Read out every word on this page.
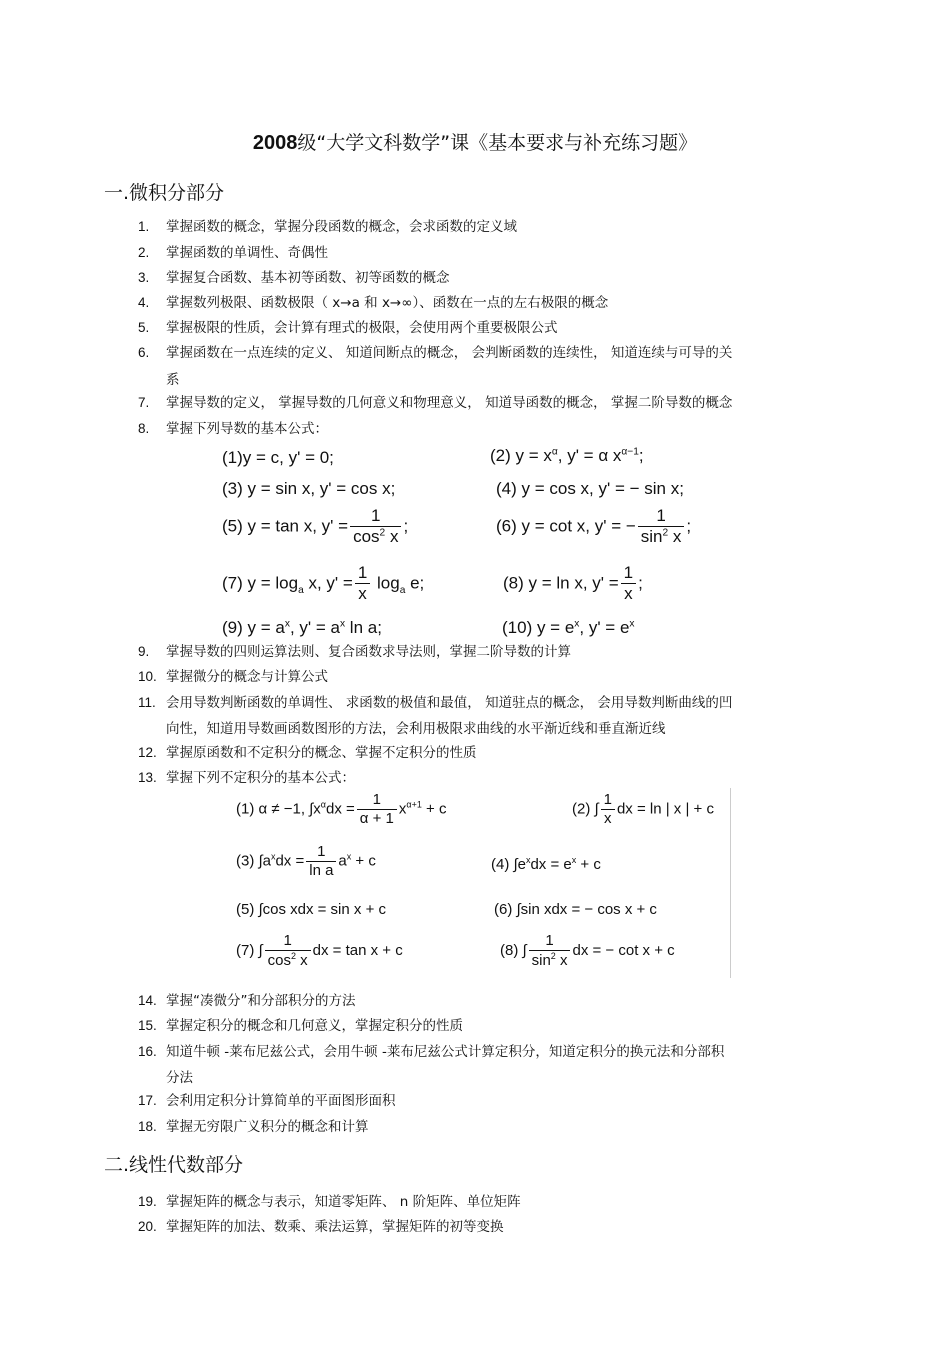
2008级“大学文科数学”课《基本要求与补充练习题》
一.微积分部分
1. 掌握函数的概念，掌握分段函数的概念，会求函数的定义域
2. 掌握函数的单调性、奇偶性
3. 掌握复合函数、基本初等函数、初等函数的概念
4. 掌握数列极限、函数极限（ x→a 和 x→∞）、函数在一点的左右极限的概念
5. 掌握极限的性质，会计算有理式的极限，会使用两个重要极限公式
6. 掌握函数在一点连续的定义、 知道间断点的概念， 会判断函数的连续性， 知道连续与可导的关
系
7. 掌握导数的定义， 掌握导数的几何意义和物理意义， 知道导函数的概念， 掌握二阶导数的概念
8. 掌握下列导数的基本公式：
(1)y = c, y' = 0;	(2) $y = x^\alpha$, y' = α $x^{\alpha-1}$;
(3) y = sin x, y' = cos x;	(4) y = cos x, y' = − sin x;
(5) y = tan x, $y' = \frac{1}{\cos^2 x}$ ;	(6) y = cot x, y' = − $\frac{1}{\sin^2 x}$ ;
(7) $y = \log_a x$, $y' = \frac{1}{x} \log_a e$;	(8) y = ln x, $y' = \frac{1}{x}$ ;
(9) $y = a^x$, $y' = a^x$ ln a;	(10) $y = e^x$, $y' = e^x$
9. 掌握导数的四则运算法则、复合函数求导法则，掌握二阶导数的计算
10. 掌握微分的概念与计算公式
11. 会用导数判断函数的单调性、 求函数的极值和最值， 知道驻点的概念， 会用导数判断曲线的凹
向性，知道用导数画函数图形的方法，会利用极限求曲线的水平渐近线和垂直渐近线
12. 掌握原函数和不定积分的概念、掌握不定积分的性质
13. 掌握下列不定积分的基本公式：
(1) α ≠ −1, $\int x^\alpha dx = \frac{1}{\alpha + 1} x^{\alpha+1} + c$	(2) ∫ $\frac{1}{x}$ dx = ln | x | + c
(3) $\int a^xdx = \frac{1}{\text{ln a}} a^x + c$	(4) $\int e^xdx = e^x + c$
(5) ∫cos xdx = sin x + c	(6) ∫sin xdx = − cos x + c
(7) ∫ $\frac{1}{\cos^2 x}$ dx = tan x + c	(8) ∫ $\frac{1}{\sin^2 x}$ dx = − cot x + c
14. 掌握“凑微分”和分部积分的方法
15. 掌握定积分的概念和几何意义，掌握定积分的性质
16. 知道牛顿 -莱布尼兹公式，会用牛顿 -莱布尼兹公式计算定积分，知道定积分的换元法和分部积
分法
17. 会利用定积分计算简单的平面图形面积
18. 掌握无穷限广义积分的概念和计算
二.线性代数部分
19. 掌握矩阵的概念与表示，知道零矩阵、 n 阶矩阵、单位矩阵
20. 掌握矩阵的加法、数乘、乘法运算，掌握矩阵的初等变换
